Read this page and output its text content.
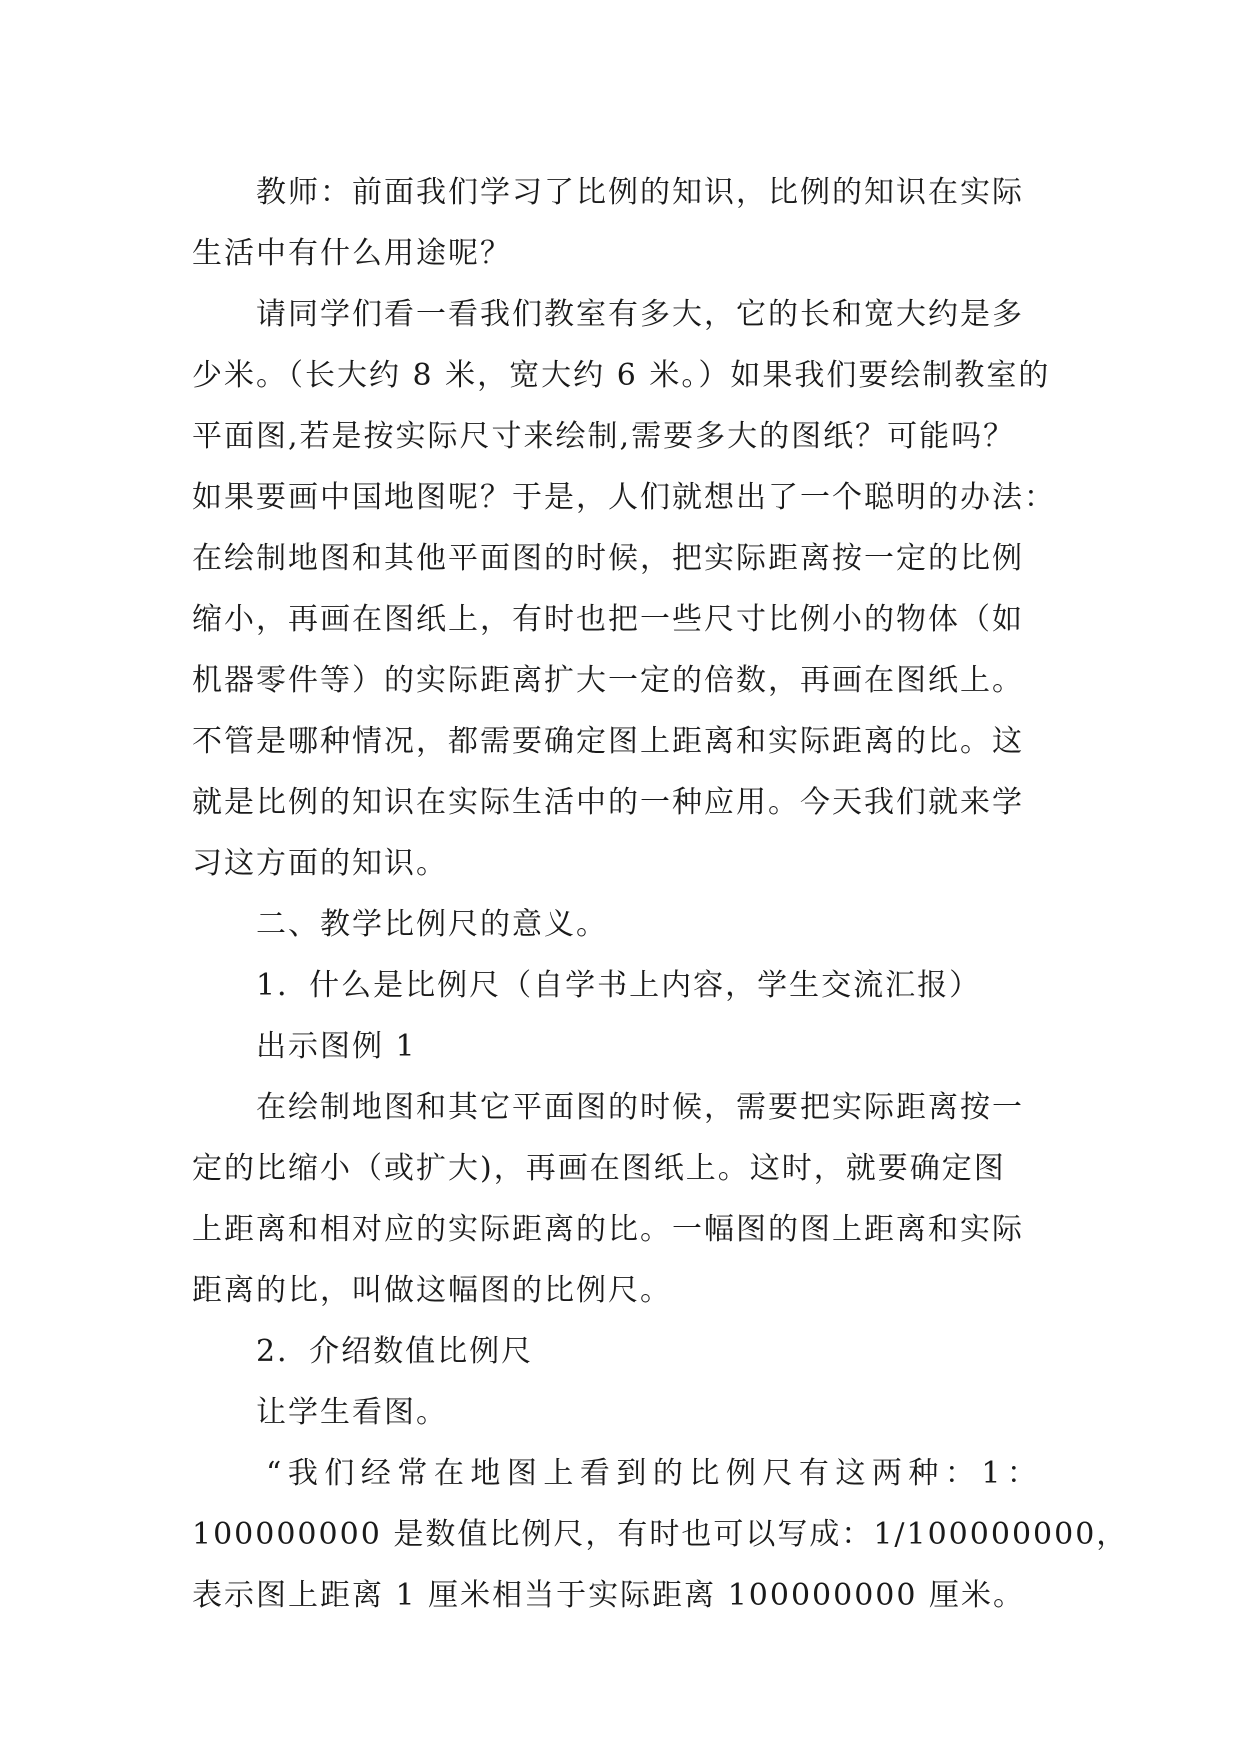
教师：前面我们学习了比例的知识，比例的知识在实际
生活中有什么用途呢？
请同学们看一看我们教室有多大，它的长和宽大约是多
少米。（长大约 8 米，宽大约 6 米。）如果我们要绘制教室的
平面图,若是按实际尺寸来绘制,需要多大的图纸？可能吗？
如果要画中国地图呢？于是，人们就想出了一个聪明的办法：
在绘制地图和其他平面图的时候，把实际距离按一定的比例
缩小，再画在图纸上，有时也把一些尺寸比例小的物体（如
机器零件等）的实际距离扩大一定的倍数，再画在图纸上。
不管是哪种情况，都需要确定图上距离和实际距离的比。这
就是比例的知识在实际生活中的一种应用。今天我们就来学
习这方面的知识。
二、教学比例尺的意义。
1．什么是比例尺（自学书上内容，学生交流汇报）
出示图例 1
在绘制地图和其它平面图的时候，需要把实际距离按一
定的比缩小（或扩大)，再画在图纸上。这时，就要确定图
上距离和相对应的实际距离的比。一幅图的图上距离和实际
距离的比，叫做这幅图的比例尺。
2．介绍数值比例尺
让学生看图。
“我们经常在地图上看到的比例尺有这两种：1：
100000000 是数值比例尺，有时也可以写成：1/100000000，
表示图上距离 1 厘米相当于实际距离 100000000 厘米。
